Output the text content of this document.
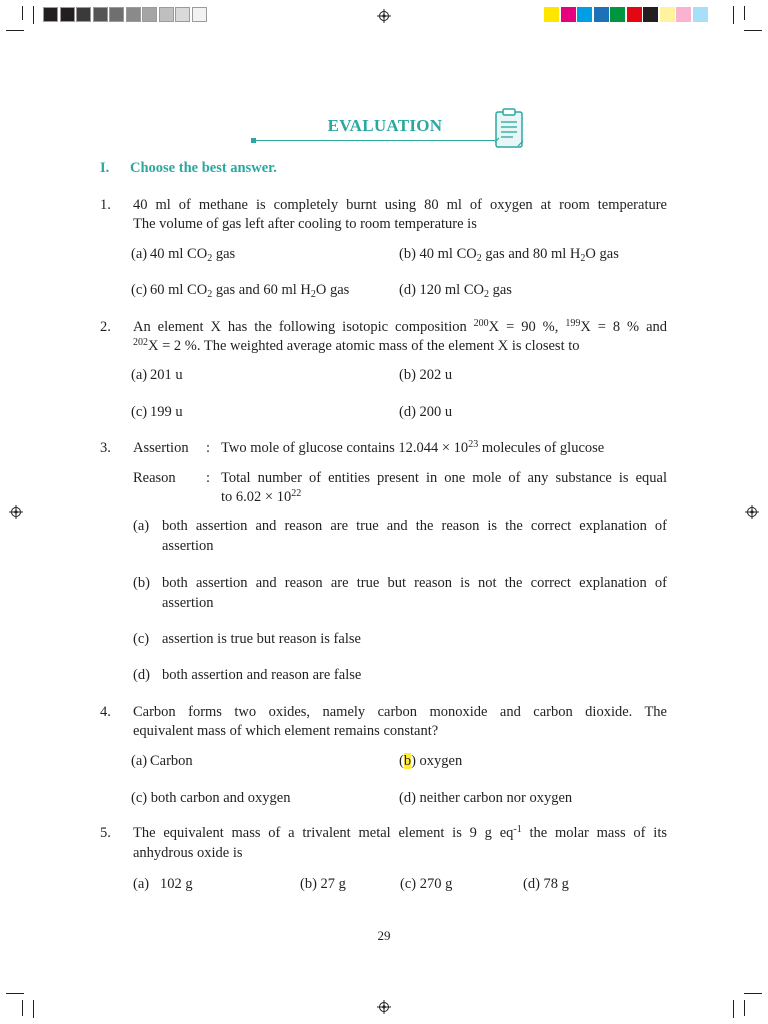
EVALUATION
I. Choose the best answer.
1. 40 ml of methane is completely burnt using 80 ml of oxygen at room temperature
The volume of gas left after cooling to room temperature is
(a) 40 ml $CO_2$ gas	(b) 40 ml $CO_2$ gas and 80 ml $H_2O$ gas
(c) 60 ml $CO_2$ gas and 60 ml $H_2O$ gas	(d) 120 ml $CO_2$ gas
2. An element X has the following isotopic composition $^{200}$X = 90 %, $^{199}$X = 8 % and
$^{202}$X = 2 %. The weighted average atomic mass of the element X is closest to
(a) 201 u	(b) 202 u
(c) 199 u	(d) 200 u
3. Assertion : Two mole of glucose contains $12.044 \times 10^{23}$ molecules of glucose
Reason : Total number of entities present in one mole of any substance is equal
to $6.02 \times 10^{22}$
(a) both assertion and reason are true and the reason is the correct explanation of
assertion
(b) both assertion and reason are true but reason is not the correct explanation of
assertion
(c) assertion is true but reason is false
(d) both assertion and reason are false
4. Carbon forms two oxides, namely carbon monoxide and carbon dioxide. The
equivalent mass of which element remains constant?
(a) Carbon	(b) oxygen
(c) both carbon and oxygen	(d) neither carbon nor oxygen
5. The equivalent mass of a trivalent metal element is 9 g $eq^{-1}$ the molar mass of its
anhydrous oxide is
(a)   102 g	(b) 27 g	(c) 270 g	(d) 78 g
29
